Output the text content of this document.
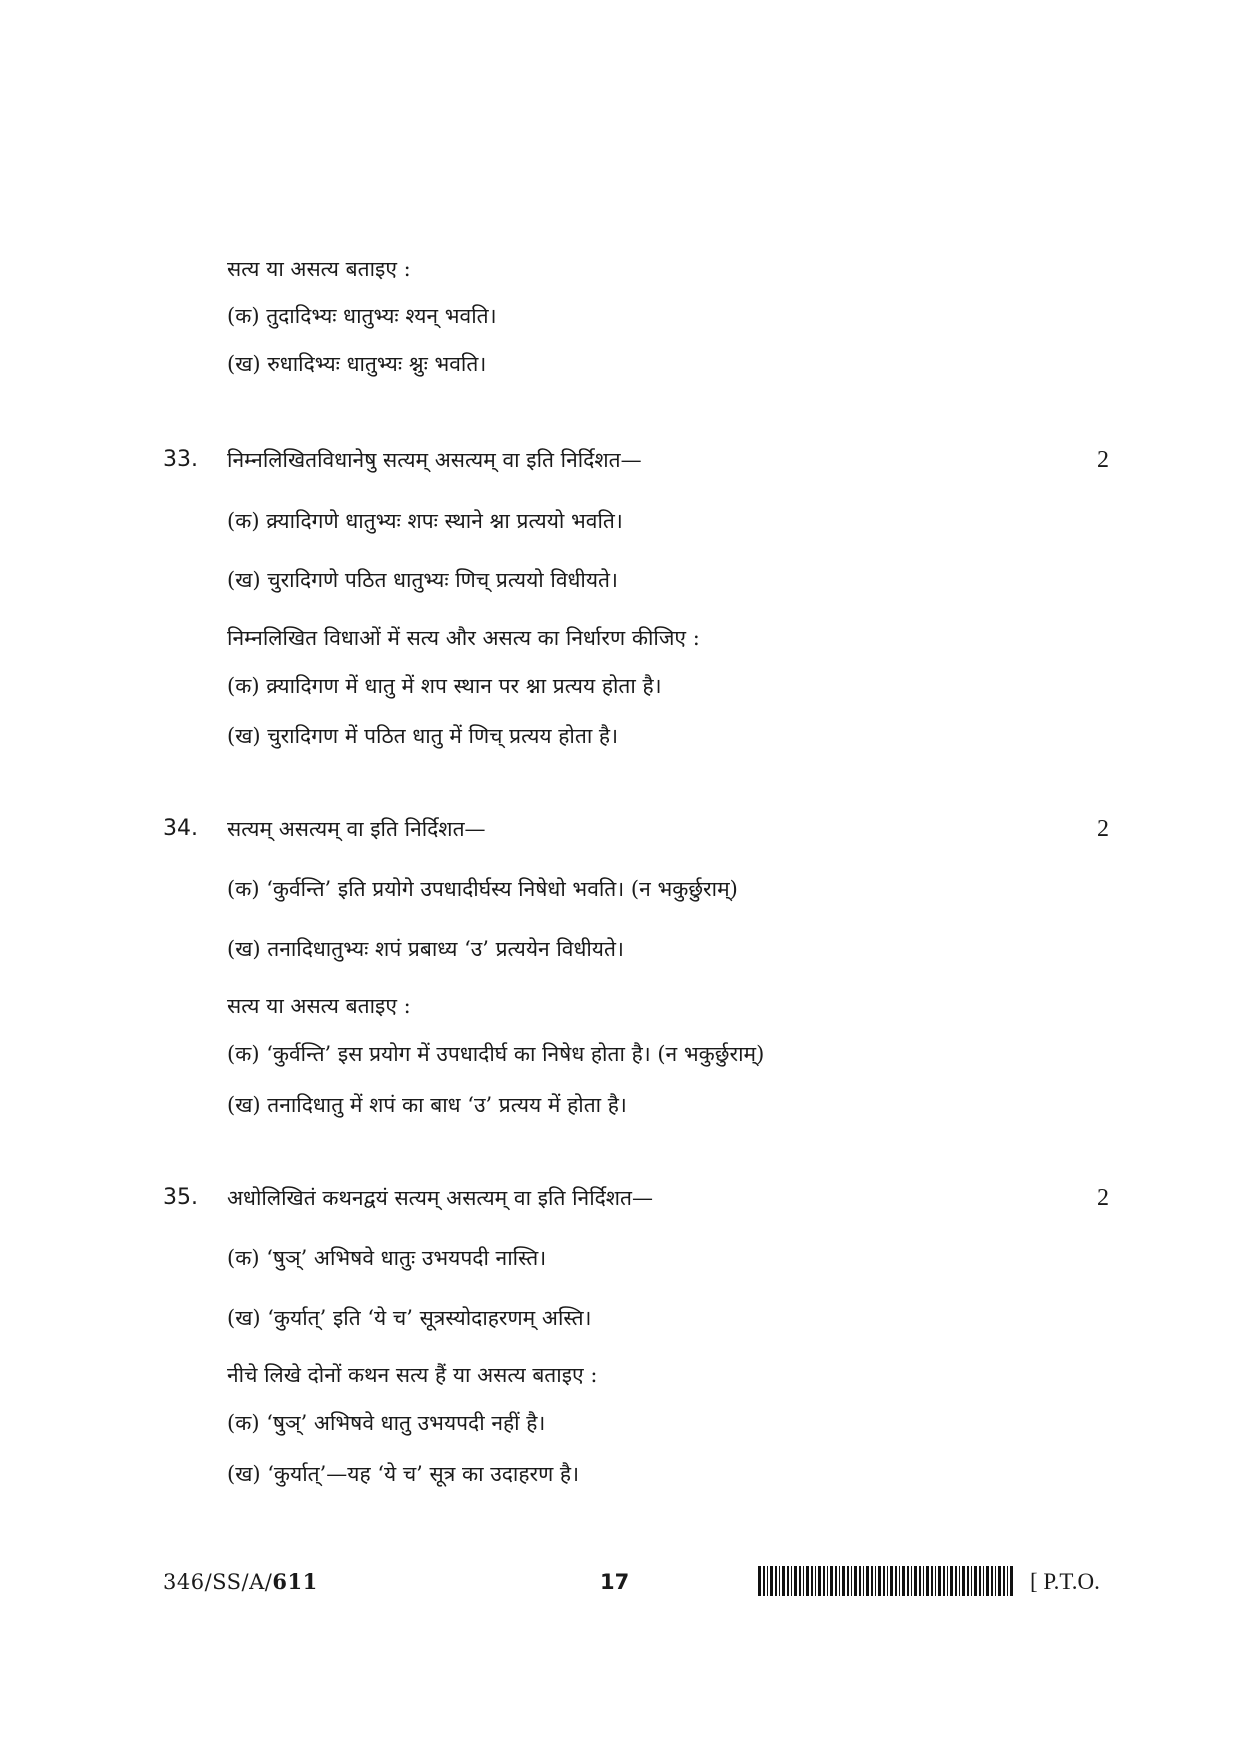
सत्य या असत्य बताइए :
(क) तुदादिभ्यः धातुभ्यः श्यन् भवति।
(ख) रुधादिभ्यः धातुभ्यः श्नुः भवति।
33. निम्नलिखितविधानेषु सत्यम् असत्यम् वा इति निर्दिशत—	2
(क) क्र्यादिगणे धातुभ्यः शपः स्थाने श्ना प्रत्ययो भवति।
(ख) चुरादिगणे पठित धातुभ्यः णिच् प्रत्ययो विधीयते।
निम्नलिखित विधाओं में सत्य और असत्य का निर्धारण कीजिए :
(क) क्र्यादिगण में धातु में शप स्थान पर श्ना प्रत्यय होता है।
(ख) चुरादिगण में पठित धातु में णिच् प्रत्यय होता है।
34. सत्यम् असत्यम् वा इति निर्दिशत—	2
(क) ‘कुर्वन्ति’ इति प्रयोगे उपधादीर्घस्य निषेधो भवति। (न भकुर्छुराम्)
(ख) तनादिधातुभ्यः शपं प्रबाध्य ‘उ’ प्रत्ययेन विधीयते।
सत्य या असत्य बताइए :
(क) ‘कुर्वन्ति’ इस प्रयोग में उपधादीर्घ का निषेध होता है। (न भकुर्छुराम्)
(ख) तनादिधातु में शपं का बाध ‘उ’ प्रत्यय में होता है।
35. अधोलिखितं कथनद्वयं सत्यम् असत्यम् वा इति निर्दिशत—	2
(क) ‘षुञ्’ अभिषवे धातुः उभयपदी नास्ति।
(ख) ‘कुर्यात्’ इति ‘ये च’ सूत्रस्योदाहरणम् अस्ति।
नीचे लिखे दोनों कथन सत्य हैं या असत्य बताइए :
(क) ‘षुञ्’ अभिषवे धातु उभयपदी नहीं है।
(ख) ‘कुर्यात्’—यह ‘ये च’ सूत्र का उदाहरण है।
346/SS/A/611	17	[ P.T.O.
